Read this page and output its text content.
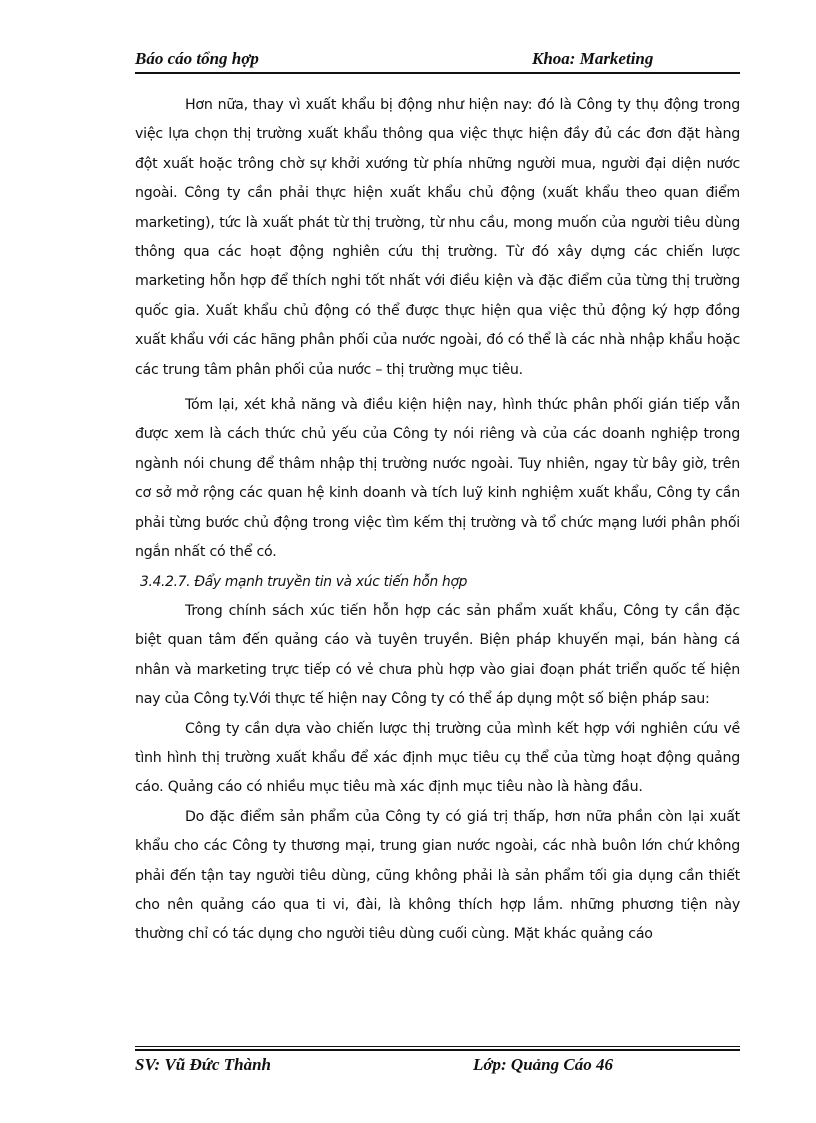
Báo cáo tổng hợp	Khoa: Marketing

Hơn nữa, thay vì xuất khẩu bị động như hiện nay: đó là Công ty thụ động trong việc lựa chọn thị trường xuất khẩu thông qua việc thực hiện đầy đủ các đơn đặt hàng đột xuất hoặc trông chờ sự khởi xướng từ phía những người mua, người đại diện nước ngoài. Công ty cần phải thực hiện xuất khẩu chủ động (xuất khẩu theo quan điểm marketing), tức là xuất phát từ thị trường, từ nhu cầu, mong muốn của người tiêu dùng thông qua các hoạt động nghiên cứu thị trường. Từ đó xây dựng các chiến lược marketing hỗn hợp để thích nghi tốt nhất với điều kiện và đặc điểm của từng thị trường quốc gia. Xuất khẩu chủ động có thể được thực hiện qua việc thủ động ký hợp đồng xuất khẩu với các hãng phân phối của nước ngoài, đó có thể là các nhà nhập khẩu hoặc các trung tâm phân phối của nước – thị trường mục tiêu.

Tóm lại, xét khả năng và điều kiện hiện nay, hình thức phân phối gián tiếp vẫn được xem là cách thức chủ yếu của Công ty nói riêng và của các doanh nghiệp trong ngành nói chung để thâm nhập thị trường nước ngoài. Tuy nhiên, ngay từ bây giờ, trên cơ sở mở rộng các quan hệ kinh doanh và tích luỹ kinh nghiệm xuất khẩu, Công ty cần phải từng bước chủ động trong việc tìm kếm thị trường và tổ chức mạng lưới phân phối ngắn nhất có thể có.

3.4.2.7. Đẩy mạnh truyền tin và xúc tiến hỗn hợp

Trong chính sách xúc tiến hỗn hợp các sản phẩm xuất khẩu, Công ty cần đặc biệt quan tâm đến quảng cáo và tuyên truyền. Biện pháp khuyến mại, bán hàng cá nhân và marketing trực tiếp có vẻ chưa phù hợp vào giai đoạn phát triển quốc tế hiện nay của Công ty.Với thực tế hiện nay Công ty có thể áp dụng một số biện pháp sau:

Công ty cần dựa vào chiến lược thị trường của mình kết hợp với nghiên cứu về tình hình thị trường xuất khẩu để xác định mục tiêu cụ thể của từng hoạt động quảng cáo. Quảng cáo có nhiều mục tiêu mà xác định mục tiêu nào là hàng đầu.

Do đặc điểm sản phẩm của Công ty có giá trị thấp, hơn nữa phần còn lại xuất khẩu cho các Công ty thương mại, trung gian nước ngoài, các nhà buôn lớn chứ không phải đến tận tay người tiêu dùng, cũng không phải là sản phẩm tối gia dụng cần thiết cho nên quảng cáo qua ti vi, đài, là không thích hợp lắm. những phương tiện này thường chỉ có tác dụng cho người tiêu dùng cuối cùng. Mặt khác quảng cáo

SV: Vũ Đức Thành	Lớp: Quảng Cáo 46
